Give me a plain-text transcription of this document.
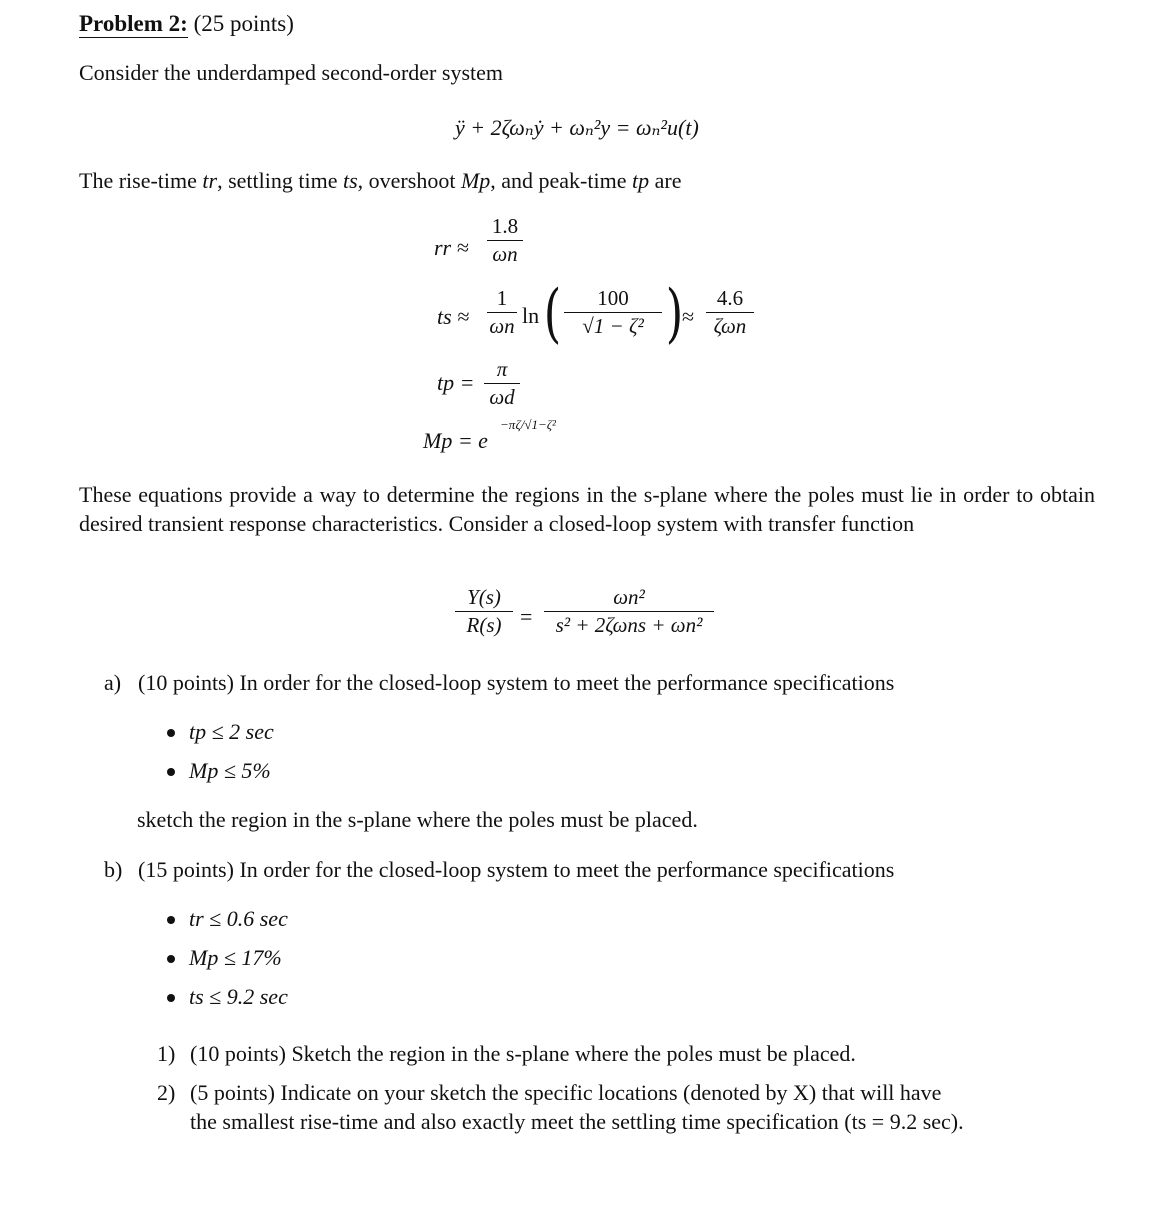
Problem 2: (25 points)
Consider the underdamped second-order system
ÿ + 2ζωₙẏ + ωₙ²y = ωₙ²u(t)
The rise-time tr, settling time ts, overshoot Mp, and peak-time tp are
rr ≈
1.8
ωn
ts ≈
1
ωn ln (	100
√1 − ζ² )
≈
4.6
ζωn
tp =
π
ωd
Mp = e
−πζ/√1−ζ²
These equations provide a way to determine the regions in the s-plane where the poles must lie in order to obtain desired transient response characteristics. Consider a closed-loop system with transfer function
Y(s)
R(s) =
ωn²
s² + 2ζωns + ωn²
a) (10 points) In order for the closed-loop system to meet the performance specifications
tp ≤ 2 sec
Mp ≤ 5%
sketch the region in the s-plane where the poles must be placed.
b) (15 points) In order for the closed-loop system to meet the performance specifications
tr ≤ 0.6 sec
Mp ≤ 17%
ts ≤ 9.2 sec
1) (10 points) Sketch the region in the s-plane where the poles must be placed.
2) (5 points) Indicate on your sketch the specific locations (denoted by X) that will have
the smallest rise-time and also exactly meet the settling time specification (ts = 9.2 sec).
